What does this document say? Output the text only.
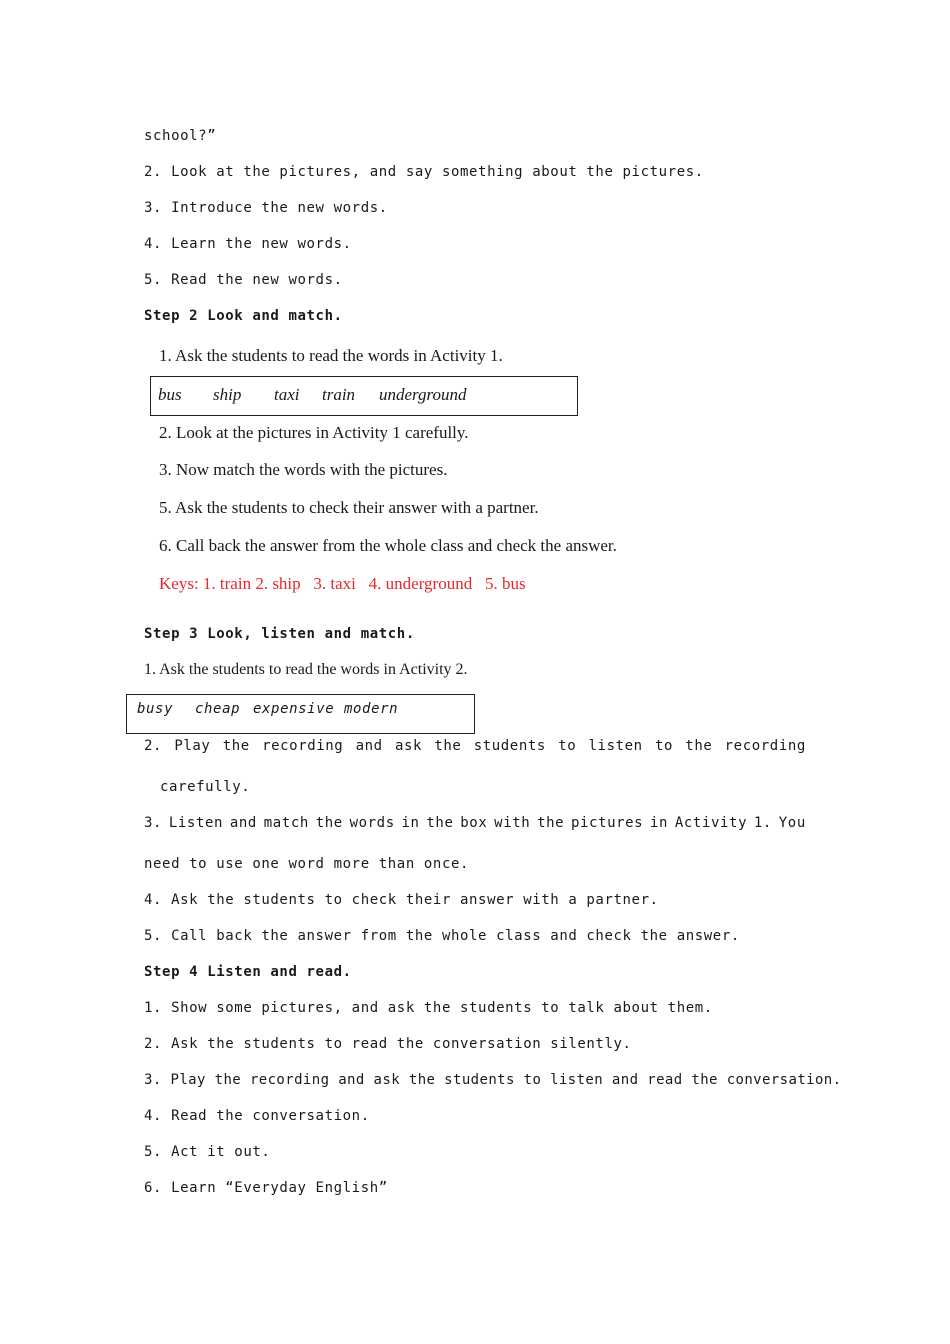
school?”
2. Look at the pictures, and say something about the pictures.
3. Introduce the new words.
4. Learn the new words.
5. Read the new words.
Step 2 Look and match.
1. Ask the students to read the words in Activity 1.
bus ship taxi train underground
2. Look at the pictures in Activity 1 carefully.
3. Now match the words with the pictures.
5. Ask the students to check their answer with a partner.
6. Call back the answer from the whole class and check the answer.
Keys: 1. train 2. ship   3. taxi   4. underground   5. bus
Step 3 Look, listen and match.
1. Ask the students to read the words in Activity 2.
busy cheap expensive modern
2. Play the recording and ask the students to listen to the recording
carefully.
3. Listen and match the words in the box with the pictures in Activity 1. You
need to use one word more than once.
4. Ask the students to check their answer with a partner.
5. Call back the answer from the whole class and check the answer.
Step 4 Listen and read.
1. Show some pictures, and ask the students to talk about them.
2. Ask the students to read the conversation silently.
3. Play the recording and ask the students to listen and read the conversation.
4. Read the conversation.
5. Act it out.
6. Learn “Everyday English”
